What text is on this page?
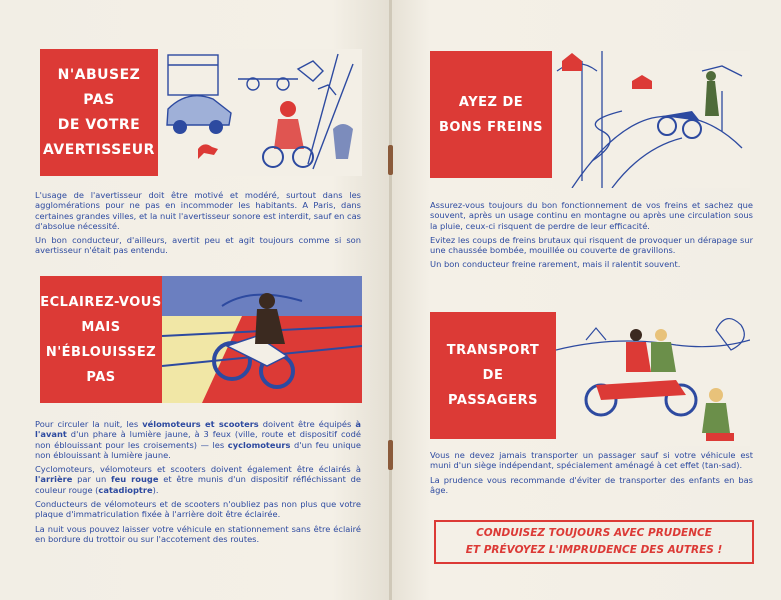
N'ABUSEZ
PAS
DE VOTRE
AVERTISSEUR

L'usage de l'avertisseur doit être motivé et modéré, surtout dans les agglomérations pour ne pas en incommoder les habitants. A Paris, dans certaines grandes villes, et la nuit l'avertisseur sonore est interdit, sauf en cas d'absolue nécessité.

Un bon conducteur, d'ailleurs, avertit peu et agit toujours comme si son avertisseur n'était pas entendu.

ECLAIREZ-VOUS
MAIS
N'ÉBLOUISSEZ
PAS

Pour circuler la nuit, les vélomoteurs et scooters doivent être équipés à l'avant d'un phare à lumière jaune, à 3 feux (ville, route et dispositif codé non éblouissant pour les croisements) — les cyclomoteurs d'un feu unique non éblouissant à lumière jaune.

Cyclomoteurs, vélomoteurs et scooters doivent également être éclairés à l'arrière par un feu rouge et être munis d'un dispositif réfléchissant de couleur rouge (catadioptre).

Conducteurs de vélomoteurs et de scooters n'oubliez pas non plus que votre plaque d'immatriculation fixée à l'arrière doit être éclairée.

La nuit vous pouvez laisser votre véhicule en stationnement sans être éclairé en bordure du trottoir ou sur l'accotement des routes.

AYEZ DE
BONS FREINS

Assurez-vous toujours du bon fonctionnement de vos freins et sachez que souvent, après un usage continu en montagne ou après une circulation sous la pluie, ceux-ci risquent de perdre de leur efficacité.

Evitez les coups de freins brutaux qui risquent de provoquer un dérapage sur une chaussée bombée, mouillée ou couverte de gravillons.

Un bon conducteur freine rarement, mais il ralentit souvent.

TRANSPORT
DE
PASSAGERS

Vous ne devez jamais transporter un passager sauf si votre véhicule est muni d'un siège indépendant, spécialement aménagé à cet effet (tan-sad).

La prudence vous recommande d'éviter de transporter des enfants en bas âge.

CONDUISEZ TOUJOURS AVEC PRUDENCE
ET PRÉVOYEZ L'IMPRUDENCE DES AUTRES !
